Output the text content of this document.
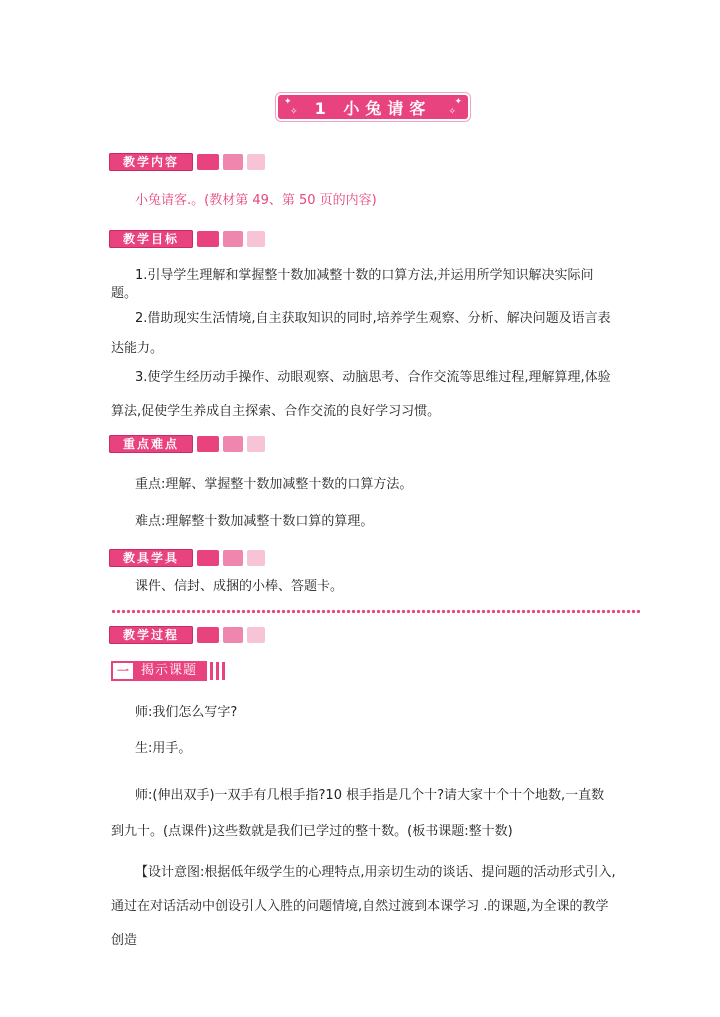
✦
✧ 1 小兔请客	✦
✧
教学内容

小兔请客.。(教材第 49、第 50 页的内容)

教学目标

1.引导学生理解和掌握整十数加减整十数的口算方法,并运用所学知识解决实际问题。

2.借助现实生活情境,自主获取知识的同时,培养学生观察、分析、解决问题及语言表达能力。

3.使学生经历动手操作、动眼观察、动脑思考、合作交流等思维过程,理解算理,体验算法,促使学生养成自主探索、合作交流的良好学习习惯。

重点难点

重点:理解、掌握整十数加减整十数的口算方法。

难点:理解整十数加减整十数口算的算理。

教具学具

课件、信封、成捆的小棒、答题卡。

教学过程
一 揭示课题

师:我们怎么写字?

生:用手。

师:(伸出双手)一双手有几根手指?10 根手指是几个十?请大家十个十个地数,一直数到九十。(点课件)这些数就是我们已学过的整十数。(板书课题:整十数)

【设计意图:根据低年级学生的心理特点,用亲切生动的谈话、提问题的活动形式引入,通过在对话活动中创设引人入胜的问题情境,自然过渡到本课学习 .的课题,为全课的教学创造
